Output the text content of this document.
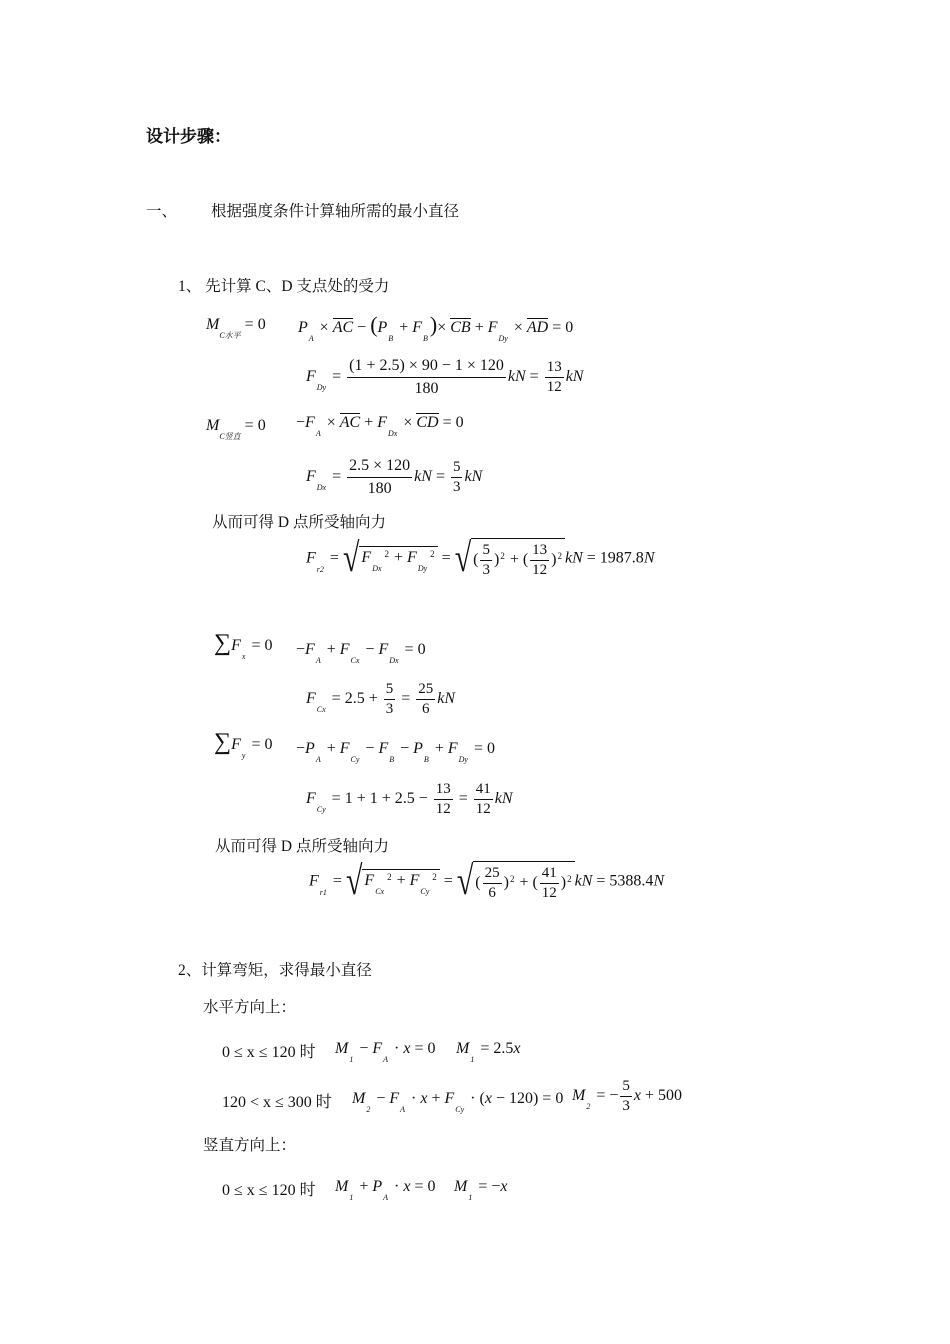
设计步骤：
一、 根据强度条件计算轴所需的最小直径
1、 先计算 C、D 支点处的受力
$M_{C水平} = 0$ $P_A$ × AC − $(P_B + F_B)\times$ CB + $F_{Dy}$ × AD = 0
$F_{Dy} = \frac{(1 + 2.5) \times 90 - 1 \times 120}{180}$ kN = $\frac{13}{12}$ kN
$M_{C竖直} = 0 -F_A$ × AC + $F_{Dx}$ × CD = 0
$F_{Dx} = \frac{2.5 \times 120}{180}$ kN = $\frac{5}{3}$ kN
从而可得 D 点所受轴向力
$F_{r2}$ = √ $F_{Dx}^2 + F_{Dy}^2$ = √ ( $\frac{5}{3} )^2$ + ( $\frac{13}{12} )^2$ kN = 1987.8N
$\sum F_x = 0 -F_A + F_{Cx} - F_{Dx} = 0$
$F_{Cx} = 2.5 + \frac{5}{3} = \frac{25}{6}$ kN
$\sum F_y = 0 -P_A + F_{Cy} - F_B - P_B + F_{Dy} = 0$
$F_{Cy} = 1 + 1 + 2.5 - \frac{13}{12} = \frac{41}{12}$ kN
从而可得 D 点所受轴向力
$F_{r1}$ = √ $F_{Cx}^2 + F_{Cy}^2$ = √ ( $\frac{25}{6} )^2$ + ( $\frac{41}{12} )^2$ kN = 5388.4N
2、计算弯矩，求得最小直径
水平方向上：
0 ≤ x ≤ 120 时 $M_1 - F_A \cdot x = 0$ $M_1 = 2.5x$
120 < x ≤ 300 时 $M_2 - F_A \cdot x + F_{Cy} \cdot (x - 120) = 0$ $M_2$ = − $\frac{5}{3}$ x + 500
竖直方向上：
0 ≤ x ≤ 120 时 $M_1 + P_A \cdot x = 0$ $M_1 = -x$
